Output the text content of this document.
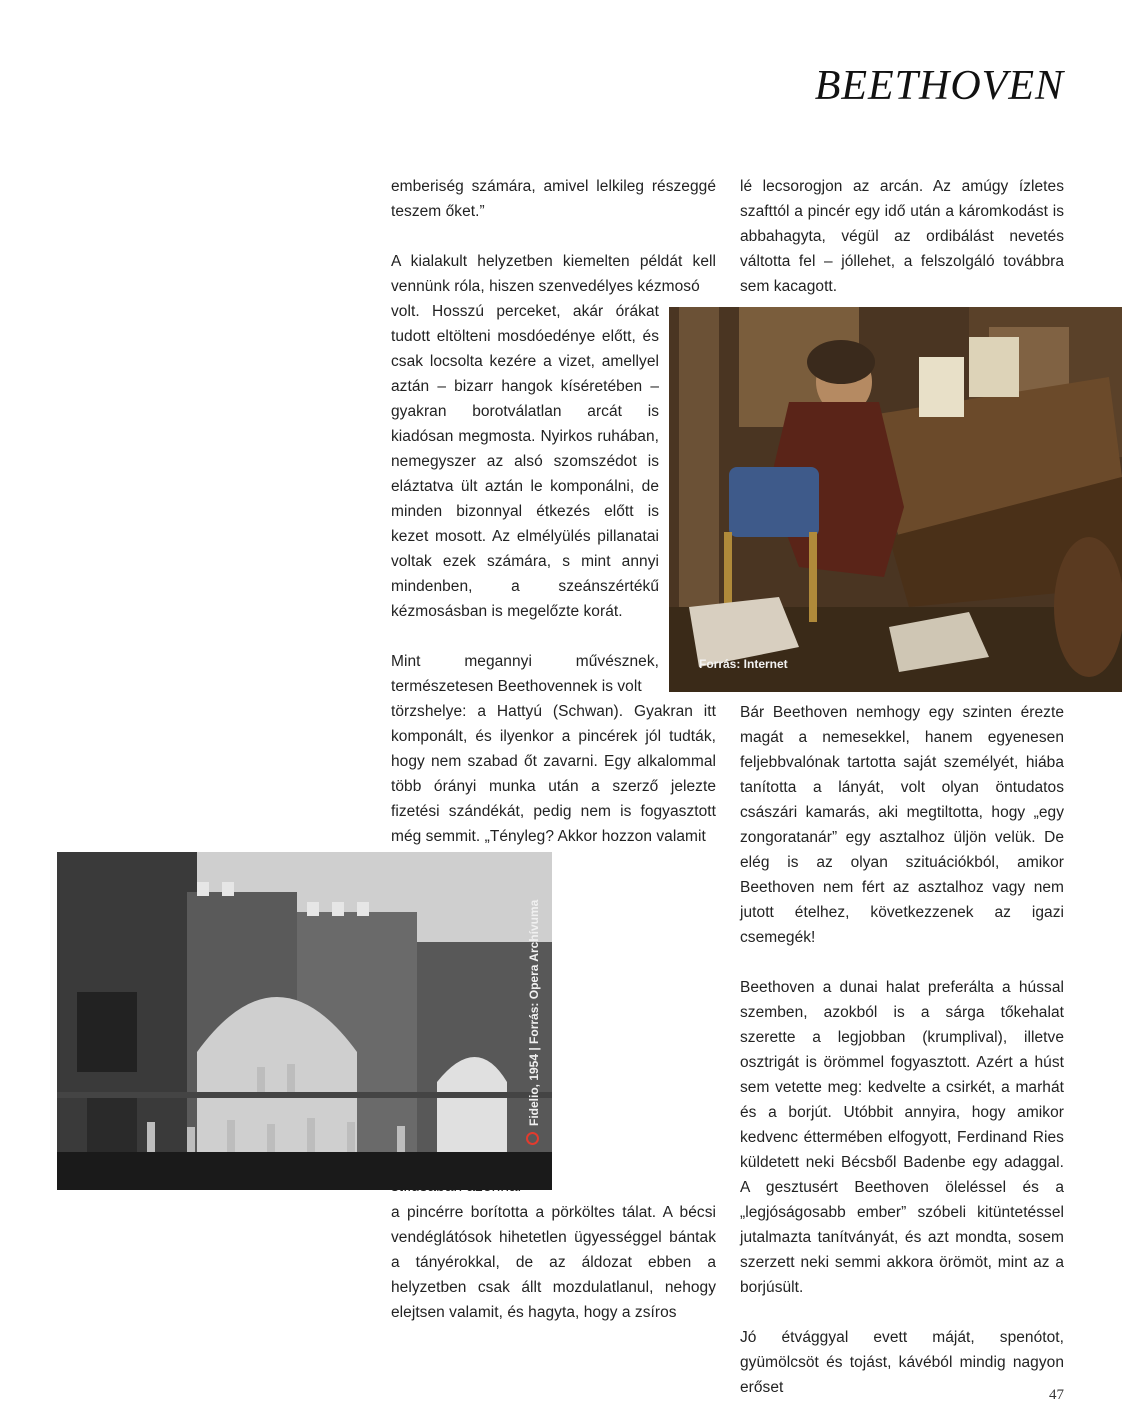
BEETHOVEN

emberiség számára, amivel lelkileg részeggé teszem őket.”

A kialakult helyzetben kiemelten példát kell vennünk róla, hiszen szenvedélyes kézmosó

volt. Hosszú perceket, akár órákat tudott eltölteni mosdóedénye előtt, és csak locsolta kezére a vizet, amellyel aztán – bizarr hangok kíséretében – gyakran borotválatlan arcát is kiadósan megmosta. Nyirkos ruhában, nemegyszer az alsó szomszédot is eláztatva ült aztán le komponálni, de minden bizonnyal étkezés előtt is kezet mosott. Az elmélyülés pillanatai voltak ezek számára, s mint annyi mindenben, a szeánszértékű kézmosásban is megelőzte korát.

Mint megannyi művésznek, természetesen Beethovennek is volt

törzshelye: a Hattyú (Schwan). Gyakran itt komponált, és ilyenkor a pincérek jól tudták, hogy nem szabad őt zavarni. Egy alkalommal több órányi munka után a szerző jelezte fizetési szándékát, pedig nem is fogyasztott még semmit. „Tényleg? Akkor hozzon valamit

a pincérre borította a pörköltes tálat. A bécsi vendéglátósok hihetetlen ügyességgel bántak a tányérokkal, de az áldozat ebben a helyzetben csak állt mozdulatlanul, nehogy elejtsen valamit, és hagyta, hogy a zsíros

lé lecsorogjon az arcán. Az amúgy ízletes szafttól a pincér egy idő után a káromkodást is abbahagyta, végül az ordibálást nevetés váltotta fel – jóllehet, a felszolgáló továbbra sem kacagott.

Bár Beethoven nemhogy egy szinten érezte magát a nemesekkel, hanem egyenesen feljebbvalónak tartotta saját személyét, hiába tanította a lányát, volt olyan öntudatos császári kamarás, aki megtiltotta, hogy „egy zongoratanár” egy asztalhoz üljön velük. De elég is az olyan szituációkból, amikor Beethoven nem fért az asztalhoz vagy nem jutott ételhez, következzenek az igazi csemegék!

Beethoven a dunai halat preferálta a hússal szemben, azokból is a sárga tőkehalat szerette a legjobban (krumplival), illetve osztrigát is örömmel fogyasztott. Azért a húst sem vetette meg: kedvelte a csirkét, a marhát és a borjút. Utóbbit annyira, hogy amikor kedvenc éttermében elfogyott, Ferdinand Ries küldetett neki Bécsből Badenbe egy adaggal. A gesztusért Beethoven öleléssel és a „legjóságosabb ember” szóbeli kitüntetéssel jutalmazta tanítványát, és azt mondta, sosem szerzett neki semmi akkora örömöt, mint az a borjúsült.

Jó étvággyal evett máját, spenótot, gyümölcsöt és tojást, kávéból mindig nagyon erőset

Forrás: Internet
Fidelio, 1954 | Forrás: Opera Archívuma
47
